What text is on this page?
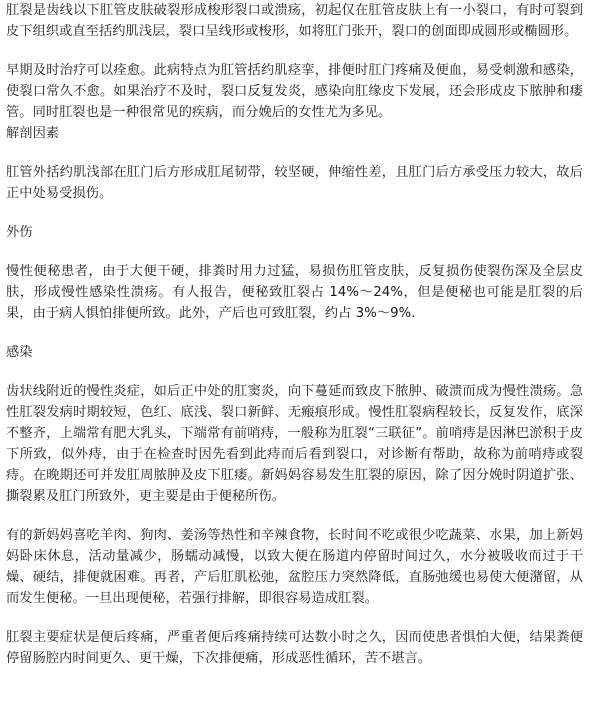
肛裂是齿线以下肛管皮肤破裂形成梭形裂口或溃疡，初起仅在肛管皮肤上有一小裂口，有时可裂到皮下组织或直至括约肌浅层，裂口呈线形或梭形，如将肛门张开，裂口的创面即成圆形或椭圆形。

早期及时治疗可以痊愈。此病特点为肛管括约肌痉挛，排便时肛门疼痛及便血，易受刺激和感染，使裂口常久不愈。如果治疗不及时，裂口反复发炎，感染向肛缘皮下发展，还会形成皮下脓肿和瘘管。同时肛裂也是一种很常见的疾病，而分娩后的女性尤为多见。

解剖因素

肛管外括约肌浅部在肛门后方形成肛尾韧带，较坚硬，伸缩性差，且肛门后方承受压力较大，故后正中处易受损伤。

外伤

慢性便秘患者，由于大便干硬，排粪时用力过猛，易损伤肛管皮肤，反复损伤使裂伤深及全层皮肤，形成慢性感染性溃疡。有人报告，便秘致肛裂占 14%～24%，但是便秘也可能是肛裂的后果，由于病人惧怕排便所致。此外，产后也可致肛裂，约占 3%～9%.

感染

齿状线附近的慢性炎症，如后正中处的肛窦炎，向下蔓延而致皮下脓肿、破溃而成为慢性溃疡。急性肛裂发病时期较短，色红、底浅、裂口新鲜、无瘢痕形成。慢性肛裂病程较长，反复发作，底深不整齐，上端常有肥大乳头，下端常有前哨痔，一般称为肛裂“三联征”。前哨痔是因淋巴淤积于皮下所致，似外痔，由于在检查时因先看到此痔而后看到裂口，对诊断有帮助，故称为前哨痔或裂痔。在晚期还可并发肛周脓肿及皮下肛瘘。新妈妈容易发生肛裂的原因，除了因分娩时阴道扩张、撕裂累及肛门所致外，更主要是由于便秘所伤。

有的新妈妈喜吃羊肉、狗肉、姜汤等热性和辛辣食物，长时间不吃或很少吃蔬菜、水果，加上新妈妈卧床休息，活动量减少，肠蠕动减慢，以致大便在肠道内停留时间过久，水分被吸收而过于干燥、硬结，排便就困难。再者，产后肛肌松弛，盆腔压力突然降低，直肠弛缓也易使大便潴留，从而发生便秘。一旦出现便秘，若强行排解，即很容易造成肛裂。

肛裂主要症状是便后疼痛，严重者便后疼痛持续可达数小时之久，因而使患者惧怕大便，结果粪便停留肠腔内时间更久、更干燥，下次排便痛，形成恶性循环，苦不堪言。
